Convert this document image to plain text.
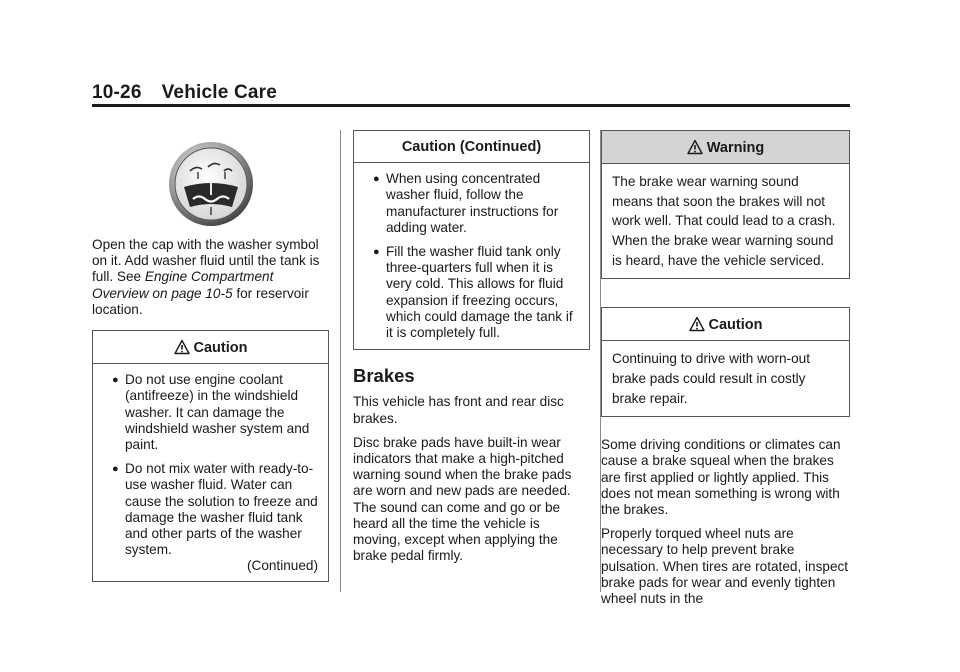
10-26 Vehicle Care

Open the cap with the washer symbol on it. Add washer fluid until the tank is full. See Engine Compartment Overview on page 10-5 for reservoir location.

Caution
● Do not use engine coolant (antifreeze) in the windshield washer. It can damage the windshield washer system and paint.
● Do not mix water with ready-to-use washer fluid. Water can cause the solution to freeze and damage the washer fluid tank and other parts of the washer system.
(Continued)
Caution (Continued)
● When using concentrated washer fluid, follow the manufacturer instructions for adding water.
● Fill the washer fluid tank only three-quarters full when it is very cold. This allows for fluid expansion if freezing occurs, which could damage the tank if it is completely full.
Brakes

This vehicle has front and rear disc brakes.

Disc brake pads have built-in wear indicators that make a high-pitched warning sound when the brake pads are worn and new pads are needed. The sound can come and go or be heard all the time the vehicle is moving, except when applying the brake pedal firmly.

Warning

The brake wear warning sound means that soon the brakes will not work well. That could lead to a crash. When the brake wear warning sound is heard, have the vehicle serviced.

Caution

Continuing to drive with worn-out brake pads could result in costly brake repair.

Some driving conditions or climates can cause a brake squeal when the brakes are first applied or lightly applied. This does not mean something is wrong with the brakes.

Properly torqued wheel nuts are necessary to help prevent brake pulsation. When tires are rotated, inspect brake pads for wear and evenly tighten wheel nuts in the
